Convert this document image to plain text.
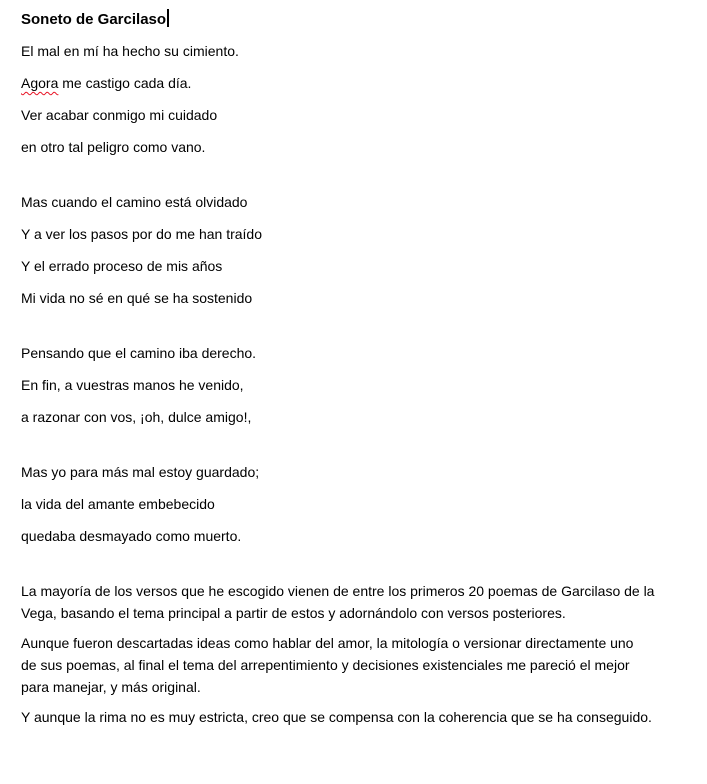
Soneto de Garcilaso
El mal en mí ha hecho su cimiento.
Agora me castigo cada día.
Ver acabar conmigo mi cuidado
en otro tal peligro como vano.
Mas cuando el camino está olvidado
Y a ver los pasos por do me han traído
Y el errado proceso de mis años
Mi vida no sé en qué se ha sostenido
Pensando que el camino iba derecho.
En fin, a vuestras manos he venido,
a razonar con vos, ¡oh, dulce amigo!,
Mas yo para más mal estoy guardado;
la vida del amante embebecido
quedaba desmayado como muerto.
La mayoría de los versos que he escogido vienen de entre los primeros 20 poemas de Garcilaso de la
Vega, basando el tema principal a partir de estos y adornándolo con versos posteriores.
Aunque fueron descartadas ideas como hablar del amor, la mitología o versionar directamente uno
de sus poemas, al final el tema del arrepentimiento y decisiones existenciales me pareció el mejor
para manejar, y más original.
Y aunque la rima no es muy estricta, creo que se compensa con la coherencia que se ha conseguido.
